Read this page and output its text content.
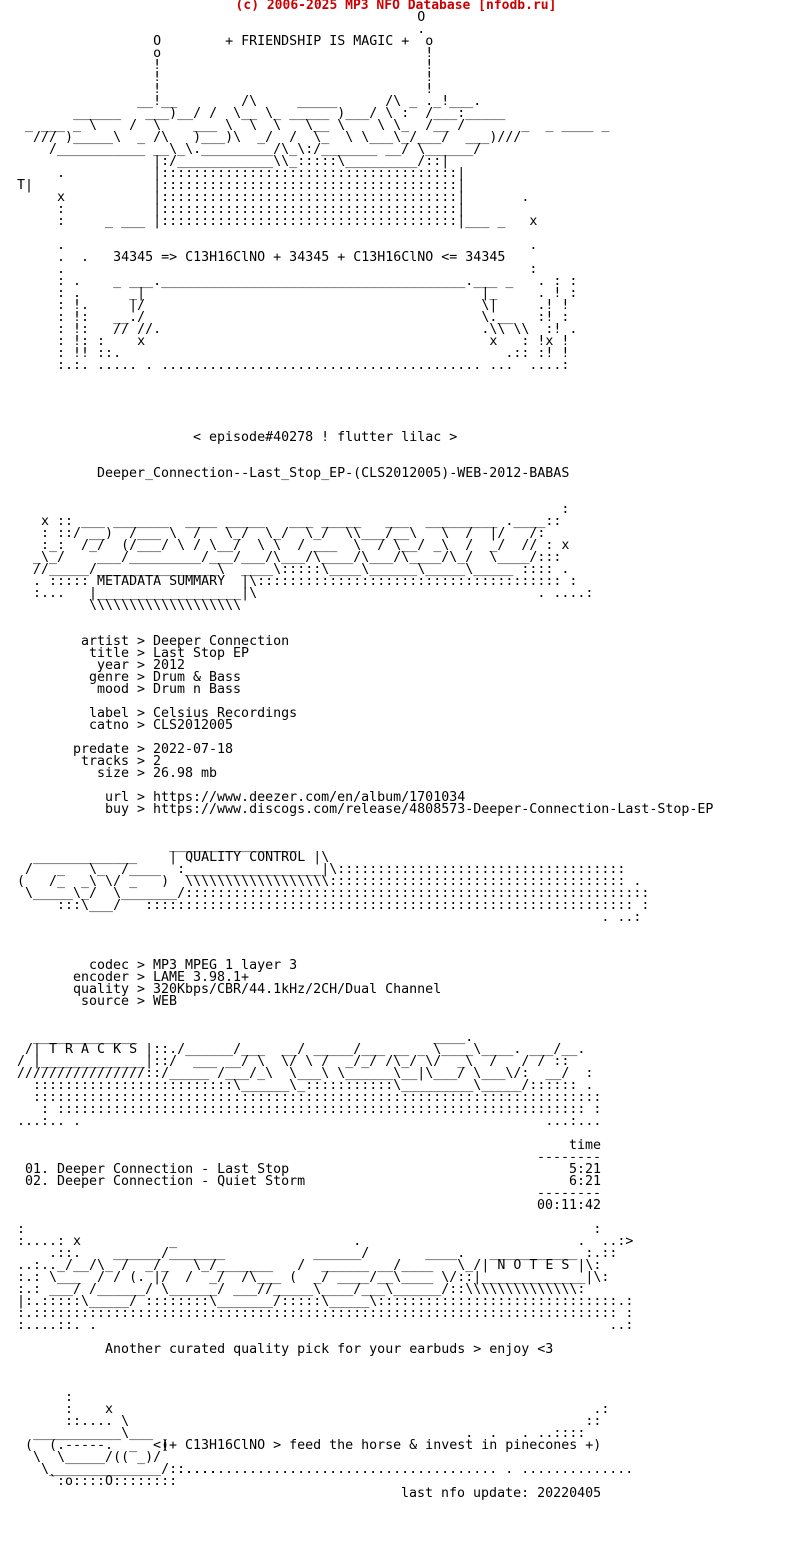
(c) 2006-2025 MP3 NFO Database [nfodb.ru]
O
.
O        + FRIENDSHIP IS MAGIC +  o
o                                 !
!                                 !
!                                 !
!                                 !
__!__        /\     _____      /\ _ ._!___.
______   ___)__/ /  \__ \_ _____ )___/ \ :  /___:_____
_ ___ _ \    /  \    ___ \  \  \   \__ \    \ \_  /__ /       _  _ ____ _
/// )_____\  _ /\   )___)\  _/  /  \_  \ \___\_/___/  ___)///
/___________ __\_\._________/\_\:/_______ __/ \______/
|:/____________\\_:::::\_________/::|
.           |:::::::::::::::::::::::::::::::::::::|
T|               |:::::::::::::::::::::::::::::::::::::|
x           |:::::::::::::::::::::::::::::::::::::|       .
:           |:::::::::::::::::::::::::::::::::::::|
:     _ ___ |:::::::::::::::::::::::::::::::::::::|___ _   x

.                                                          .
.  .   34345 => C13H16ClNO + 34345 + C13H16ClNO <= 34345
.                                                          :
: .    _ ___.______________________________________.___ _   . : :
: .      _|                                          |_     . ! :
: !.     |/                                          \|     .! !
: !:   __./                                          \.__   :! :
: !:   // //.                                        .\\ \\  :! .
: !: :    x                                           x   : !x !
: !! ::.                                                .:: :! !
:.:. ..... . ........................................ ...  ....:
< episode#40278 ! flutter lilac >
Deeper_Connection--Last_Stop_EP-(CLS2012005)-WEB-2012-BABAS
:
x :: ___ _______  ____ _____   ___ _____   ___  _________ .____::
: ::/ __)  /___ \  /   \_/  \_/  \_/  \\___/__\   \  /  |/   /:
:_:  /_/  (/___/ \ / \__/  \ \  / ___  \  / \__/ _\  /  _/  // : x
_\_/    ___/_________/___/___/\___/\____/\___/\____/\_/  \____/:::
//_____/_______________\  ____\:::::\____\______\_____\_____ :::: .
. ::::: METADATA SUMMARY  |\:::::::::::::::::::::::::::::::::::::: :
:...   |__________________|\                                   . ....:
\\\\\\\\\\\\\\\\\\\
artist > Deeper Connection
title > Last Stop EP
year > 2012
genre > Drum & Bass
mood > Drum n Bass
label > Celsius Recordings
catno > CLS2012005
predate > 2022-07-18
tracks > 2
size > 26.98 mb
url > https://www.deezer.com/en/album/1701034
buy > https://www.discogs.com/release/4808573-Deeper-Connection-Last-Stop-EP
________________
_____________    | QUALITY CONTROL |\
/   _   \_  /____  :_________________|\::::::::::::::::::::::::::::::::::::
(   /_  _\ \/ _   )  \\\\\\\\\\\\\\\\\\::::::::::::::::::::::::::::::::::::: .
\_____\_/  \_______/::::::::::::::::::::::::::::::::::::::::::::::::::::::::::
:::\___/   ::::::::::::::::::::::::::::::::::::::::::::::::::::::::::::: :
. ..:
codec > MP3 MPEG 1 layer 3
encoder > LAME 3.98.1+
quality > 320Kbps/CBR/44.1kHz/2CH/Dual Channel
source > WEB
_____________                                     ____.
/| T R A C K S |::./______/___  __/ _____/___ __ _ \____\____. ___/__.
/ |_____________|::/  ___ __/ \  \/ \ /  _/_/ /\_/ \/  _\  /   / / ::
////////////////::/_____ /___/_\  \___\ \______\__|\___/ \___\/:  __/  :
:::::::::::::::::::::::::\______\_:::::::::::\_________\_____/:::::: .
:::::::::::::::::::::::::::::::::::::::::::::::::::::::::::::::::::::::
: :::::::::::::::::::::::::::::::::::::::::::::::::::::::::::::::::: :
...:.. .                                                          ...:...
time
--------
01. Deeper Connection - Last Stop	5:21
02. Deeper Connection - Quiet Storm	6:21
--------
00:11:42
:                                                                       :
:....: x           _                      .                           .  ..:>
.::.    ______/_______           ______/       ____.   ___________ :.::
..:.._/__/\_ /  _/_   \_/_______   /  ______ __/____   \_/| N O T E S |\:
:.: \___  / / (. |/  /  _/  /\___ (  _/ ____/__\____ \/::|_____________|\:
:.: ___/ /______/ \______/ ___//_____\____/___\______/::\\\\\\\\\\\\\\:
|:.:::::\_____/ ::::::::\_______/:::::\_____\::::::::::::::::::::::::::::::.:
:.::::::::::::::::::::::::::::::::::::::::::::::::::::::::::::::::::::::::: :
:....::. .                                                                ..:
Another curated quality pick for your earbuds > enjoy <3
:
:    x                                                            .:
::.... \                                                         ::
___________\___                                       .  .   . ..::::
(  (.-----.  _   )
\  \_____/(( _)/
\______________/::....
`:o::::O::::::::
<(+ C13H16ClNO > feed the horse & invest in pinecones +)
........................................ . ..............
last nfo update: 20220405
